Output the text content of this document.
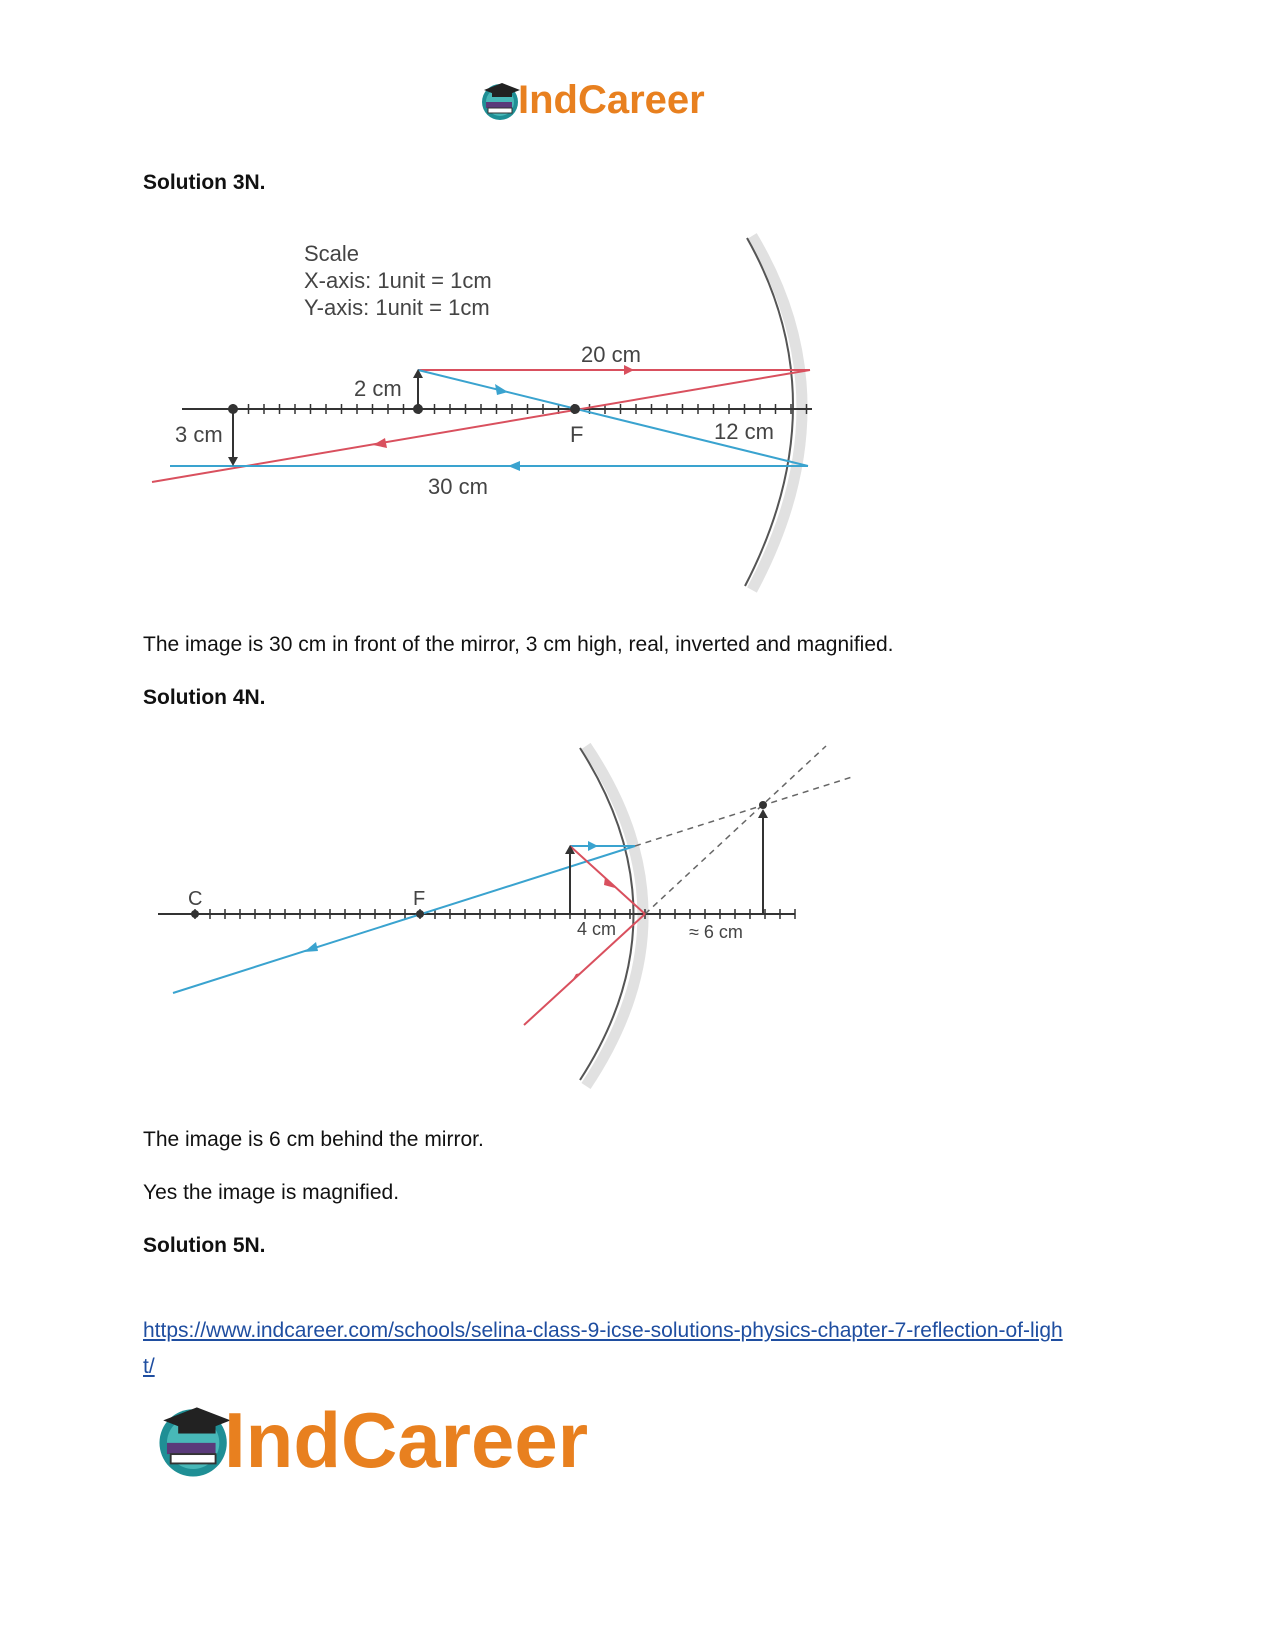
IndCareer
Solution 3N.
Scale
X-axis: 1unit = 1cm
Y-axis: 1unit = 1cm
20 cm
2 cm
3 cm	F	12 cm
30 cm
The image is 30 cm in front of the mirror, 3 cm high, real, inverted and magnified.
Solution 4N.
C	F
4 cm	≈ 6 cm
The image is 6 cm behind the mirror.
Yes the image is magnified.
Solution 5N.
https://www.indcareer.com/schools/selina-class-9-icse-solutions-physics-chapter-7-reflection-of-light/
IndCareer
